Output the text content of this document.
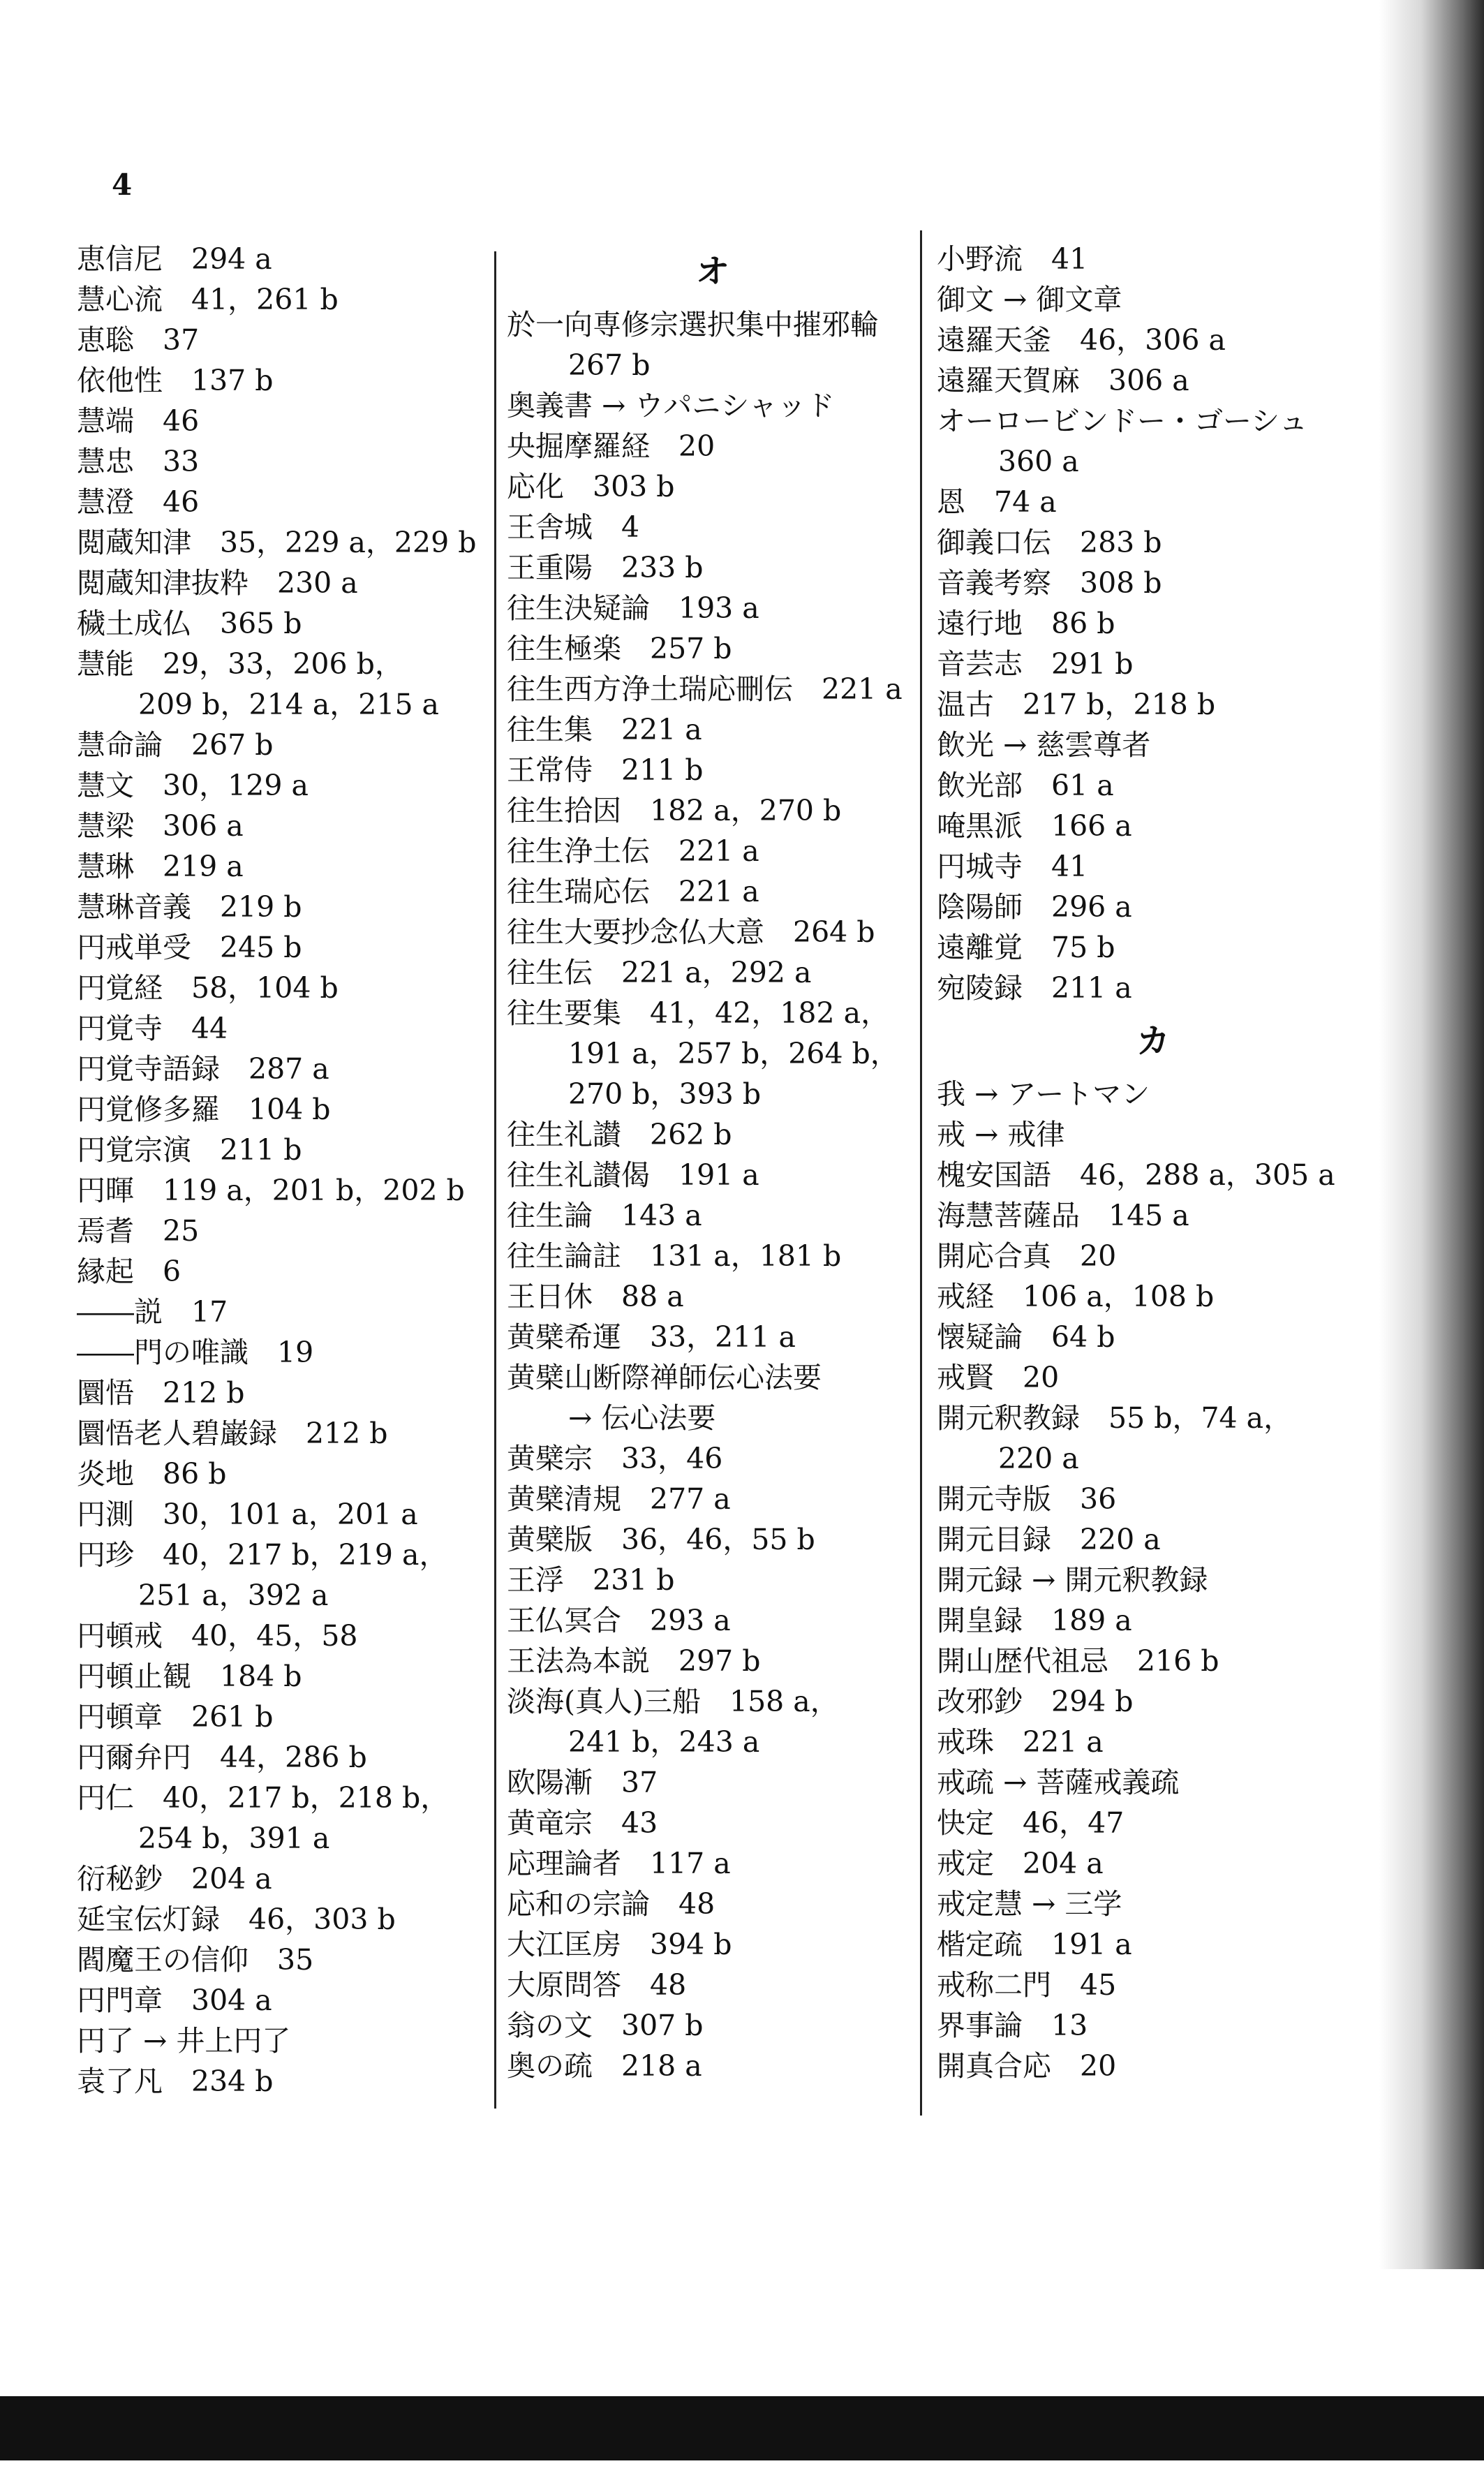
4
恵信尼　294 a
慧心流　41，261 b
恵聡　37
依他性　137 b
慧端　46
慧忠　33
慧澄　46
閲蔵知津　35，229 a，229 b
閲蔵知津抜粋　230 a
穢土成仏　365 b
慧能　29，33，206 b，
209 b，214 a，215 a
慧命論　267 b
慧文　30，129 a
慧梁　306 a
慧琳　219 a
慧琳音義　219 b
円戒単受　245 b
円覚経　58，104 b
円覚寺　44
円覚寺語録　287 a
円覚修多羅　104 b
円覚宗演　211 b
円暉　119 a，201 b，202 b
焉耆　25
縁起　6
――説　17
――門の唯識　19
圜悟　212 b
圜悟老人碧巌録　212 b
炎地　86 b
円測　30，101 a，201 a
円珍　40，217 b，219 a，
251 a，392 a
円頓戒　40，45，58
円頓止観　184 b
円頓章　261 b
円爾弁円　44，286 b
円仁　40，217 b，218 b，
254 b，391 a
衍秘鈔　204 a
延宝伝灯録　46，303 b
閻魔王の信仰　35
円門章　304 a
円了 → 井上円了
袁了凡　234 b
オ
於一向専修宗選択集中摧邪輪
267 b
奥義書 → ウパニシャッド
央掘摩羅経　20
応化　303 b
王舎城　4
王重陽　233 b
往生決疑論　193 a
往生極楽　257 b
往生西方浄土瑞応刪伝　221 a
往生集　221 a
王常侍　211 b
往生拾因　182 a，270 b
往生浄土伝　221 a
往生瑞応伝　221 a
往生大要抄念仏大意　264 b
往生伝　221 a，292 a
往生要集　41，42，182 a，
191 a，257 b，264 b，
270 b，393 b
往生礼讃　262 b
往生礼讃偈　191 a
往生論　143 a
往生論註　131 a，181 b
王日休　88 a
黄檗希運　33，211 a
黄檗山断際禅師伝心法要
→ 伝心法要
黄檗宗　33，46
黄檗清規　277 a
黄檗版　36，46，55 b
王浮　231 b
王仏冥合　293 a
王法為本説　297 b
淡海(真人)三船　158 a，
241 b，243 a
欧陽漸　37
黄竜宗　43
応理論者　117 a
応和の宗論　48
大江匡房　394 b
大原問答　48
翁の文　307 b
奥の疏　218 a
小野流　41
御文 → 御文章
遠羅天釜　46，306 a
遠羅天賀麻　306 a
オーロービンドー・ゴーシュ
360 a
恩　74 a
御義口伝　283 b
音義考察　308 b
遠行地　86 b
音芸志　291 b
温古　217 b，218 b
飲光 → 慈雲尊者
飲光部　61 a
唵黒派　166 a
円城寺　41
陰陽師　296 a
遠離覚　75 b
宛陵録　211 a
カ
我 → アートマン
戒 → 戒律
槐安国語　46，288 a，305 a
海慧菩薩品　145 a
開応合真　20
戒経　106 a，108 b
懐疑論　64 b
戒賢　20
開元釈教録　55 b，74 a，
220 a
開元寺版　36
開元目録　220 a
開元録 → 開元釈教録
開皇録　189 a
開山歴代祖忌　216 b
改邪鈔　294 b
戒珠　221 a
戒疏 → 菩薩戒義疏
快定　46，47
戒定　204 a
戒定慧 → 三学
楷定疏　191 a
戒称二門　45
界事論　13
開真合応　20
